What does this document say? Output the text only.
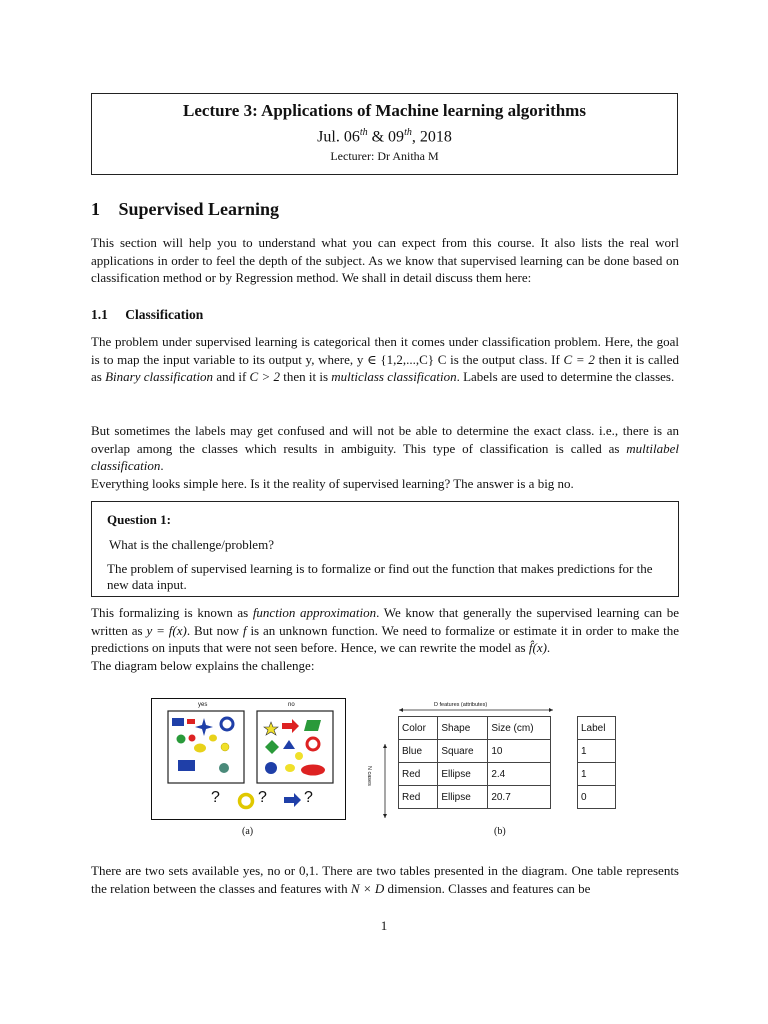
Lecture 3: Applications of Machine learning algorithms
Jul. 06th & 09th, 2018
Lecturer: Dr Anitha M
1 Supervised Learning
This section will help you to understand what you can expect from this course. It also lists the real worl applications in order to feel the depth of the subject. As we know that supervised learning can be done based on classification method or by Regression method. We shall in detail discuss them here:
1.1 Classification
The problem under supervised learning is categorical then it comes under classification problem. Here, the goal is to map the input variable to its output y, where, y ∈ {1,2,...,C} C is the output class. If C = 2 then it is called as Binary classification and if C > 2 then it is multiclass classification. Labels are used to determine the classes.
But sometimes the labels may get confused and will not be able to determine the exact class. i.e., there is an overlap among the classes which results in ambiguity. This type of classification is called as multilabel classification.
Everything looks simple here. Is it the reality of supervised learning? The answer is a big no.
Question 1:
What is the challenge/problem?
The problem of supervised learning is to formalize or find out the function that makes predictions for the new data input.
This formalizing is known as function approximation. We know that generally the supervised learning can be written as y = f(x). But now f is an unknown function. We need to formalize or estimate it in order to make the predictions on inputs that were not seen before. Hence, we can rewrite the model as f̂(x).
The diagram below explains the challenge:
yes	no
? ? ?
(a)
D features (attributes)
N cases
Color	Shape	Size (cm)
Blue	Square	10
Red	Ellipse	2.4
Red	Ellipse	20.7
Label
1
1
0
(b)
There are two sets available yes, no or 0,1. There are two tables presented in the diagram. One table represents the relation between the classes and features with N × D dimension. Classes and features can be
1
